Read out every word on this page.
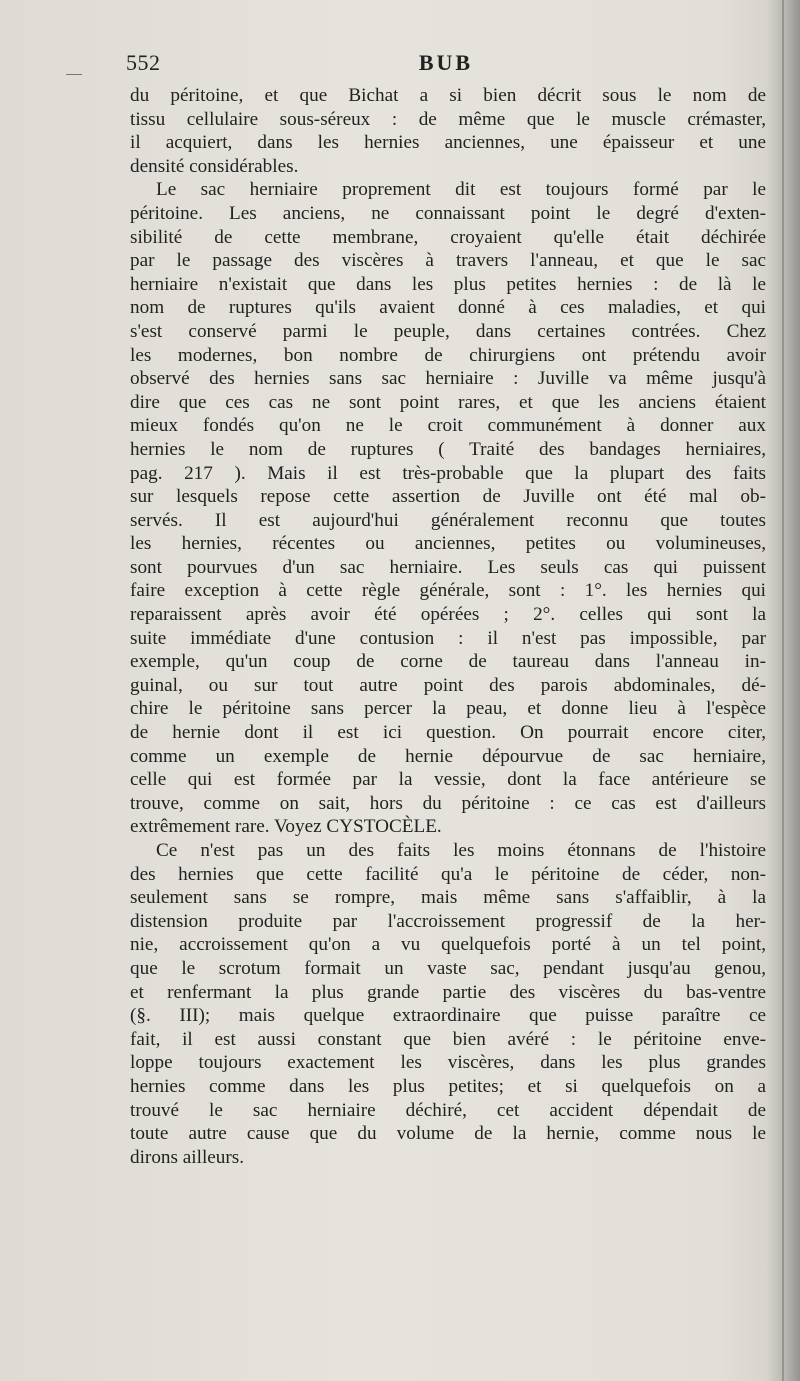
552	BUB
du péritoine, et que Bichat a si bien décrit sous le nom de
tissu cellulaire sous-séreux : de même que le muscle crémaster,
il acquiert, dans les hernies anciennes, une épaisseur et une
densité considérables.
Le sac herniaire proprement dit est toujours formé par le
péritoine. Les anciens, ne connaissant point le degré d'exten-
sibilité de cette membrane, croyaient qu'elle était déchirée
par le passage des viscères à travers l'anneau, et que le sac
herniaire n'existait que dans les plus petites hernies : de là le
nom de ruptures qu'ils avaient donné à ces maladies, et qui
s'est conservé parmi le peuple, dans certaines contrées. Chez
les modernes, bon nombre de chirurgiens ont prétendu avoir
observé des hernies sans sac herniaire : Juville va même jusqu'à
dire que ces cas ne sont point rares, et que les anciens étaient
mieux fondés qu'on ne le croit communément à donner aux
hernies le nom de ruptures ( Traité des bandages herniaires,
pag. 217 ). Mais il est très-probable que la plupart des faits
sur lesquels repose cette assertion de Juville ont été mal ob-
servés. Il est aujourd'hui généralement reconnu que toutes
les hernies, récentes ou anciennes, petites ou volumineuses,
sont pourvues d'un sac herniaire. Les seuls cas qui puissent
faire exception à cette règle générale, sont : 1°. les hernies qui
reparaissent après avoir été opérées ; 2°. celles qui sont la
suite immédiate d'une contusion : il n'est pas impossible, par
exemple, qu'un coup de corne de taureau dans l'anneau in-
guinal, ou sur tout autre point des parois abdominales, dé-
chire le péritoine sans percer la peau, et donne lieu à l'espèce
de hernie dont il est ici question. On pourrait encore citer,
comme un exemple de hernie dépourvue de sac herniaire,
celle qui est formée par la vessie, dont la face antérieure se
trouve, comme on sait, hors du péritoine : ce cas est d'ailleurs
extrêmement rare. Voyez CYSTOCÈLE.
Ce n'est pas un des faits les moins étonnans de l'histoire
des hernies que cette facilité qu'a le péritoine de céder, non-
seulement sans se rompre, mais même sans s'affaiblir, à la
distension produite par l'accroissement progressif de la her-
nie, accroissement qu'on a vu quelquefois porté à un tel point,
que le scrotum formait un vaste sac, pendant jusqu'au genou,
et renfermant la plus grande partie des viscères du bas-ventre
(§. III); mais quelque extraordinaire que puisse paraître ce
fait, il est aussi constant que bien avéré : le péritoine enve-
loppe toujours exactement les viscères, dans les plus grandes
hernies comme dans les plus petites; et si quelquefois on a
trouvé le sac herniaire déchiré, cet accident dépendait de
toute autre cause que du volume de la hernie, comme nous le
dirons ailleurs.
